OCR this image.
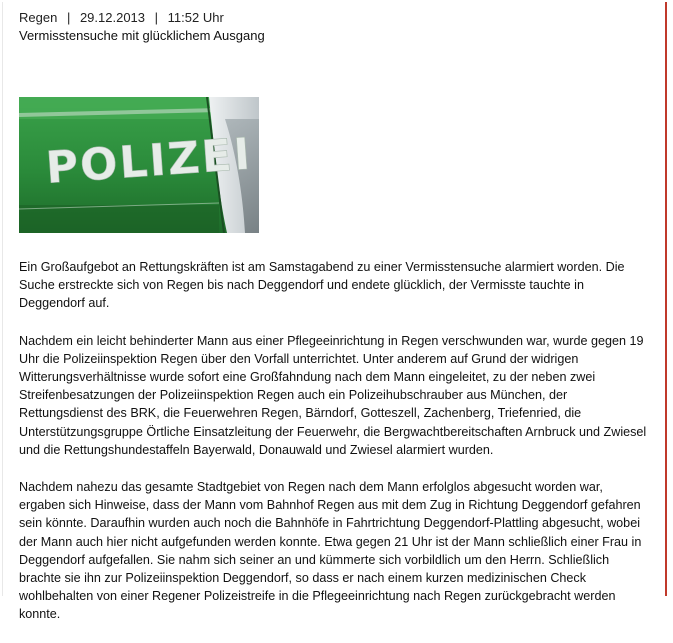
Regen | 29.12.2013 | 11:52 Uhr
Vermisstensuche mit glücklichem Ausgang
POLIZEI

Ein Großaufgebot an Rettungskräften ist am Samstagabend zu einer Vermisstensuche alarmiert worden. Die Suche erstreckte sich von Regen bis nach Deggendorf und endete glücklich, der Vermisste tauchte in Deggendorf auf.

Nachdem ein leicht behinderter Mann aus einer Pflegeeinrichtung in Regen verschwunden war, wurde gegen 19 Uhr die Polizeiinspektion Regen über den Vorfall unterrichtet. Unter anderem auf Grund der widrigen Witterungsverhältnisse wurde sofort eine Großfahndung nach dem Mann eingeleitet, zu der neben zwei Streifenbesatzungen der Polizeiinspektion Regen auch ein Polizeihubschrauber aus München, der Rettungsdienst des BRK, die Feuerwehren Regen, Bärndorf, Gotteszell, Zachenberg, Triefenried, die Unterstützungsgruppe Örtliche Einsatzleitung der Feuerwehr, die Bergwachtbereitschaften Arnbruck und Zwiesel und die Rettungshundestaffeln Bayerwald, Donauwald und Zwiesel alarmiert wurden.

Nachdem nahezu das gesamte Stadtgebiet von Regen nach dem Mann erfolglos abgesucht worden war, ergaben sich Hinweise, dass der Mann vom Bahnhof Regen aus mit dem Zug in Richtung Deggendorf gefahren sein könnte. Daraufhin wurden auch noch die Bahnhöfe in Fahrtrichtung Deggendorf-Plattling abgesucht, wobei der Mann auch hier nicht aufgefunden werden konnte. Etwa gegen 21 Uhr ist der Mann schließlich einer Frau in Deggendorf aufgefallen. Sie nahm sich seiner an und kümmerte sich vorbildlich um den Herrn. Schließlich brachte sie ihn zur Polizeiinspektion Deggendorf, so dass er nach einem kurzen medizinischen Check wohlbehalten von einer Regener Polizeistreife in die Pflegeeinrichtung nach Regen zurückgebracht werden konnte.
